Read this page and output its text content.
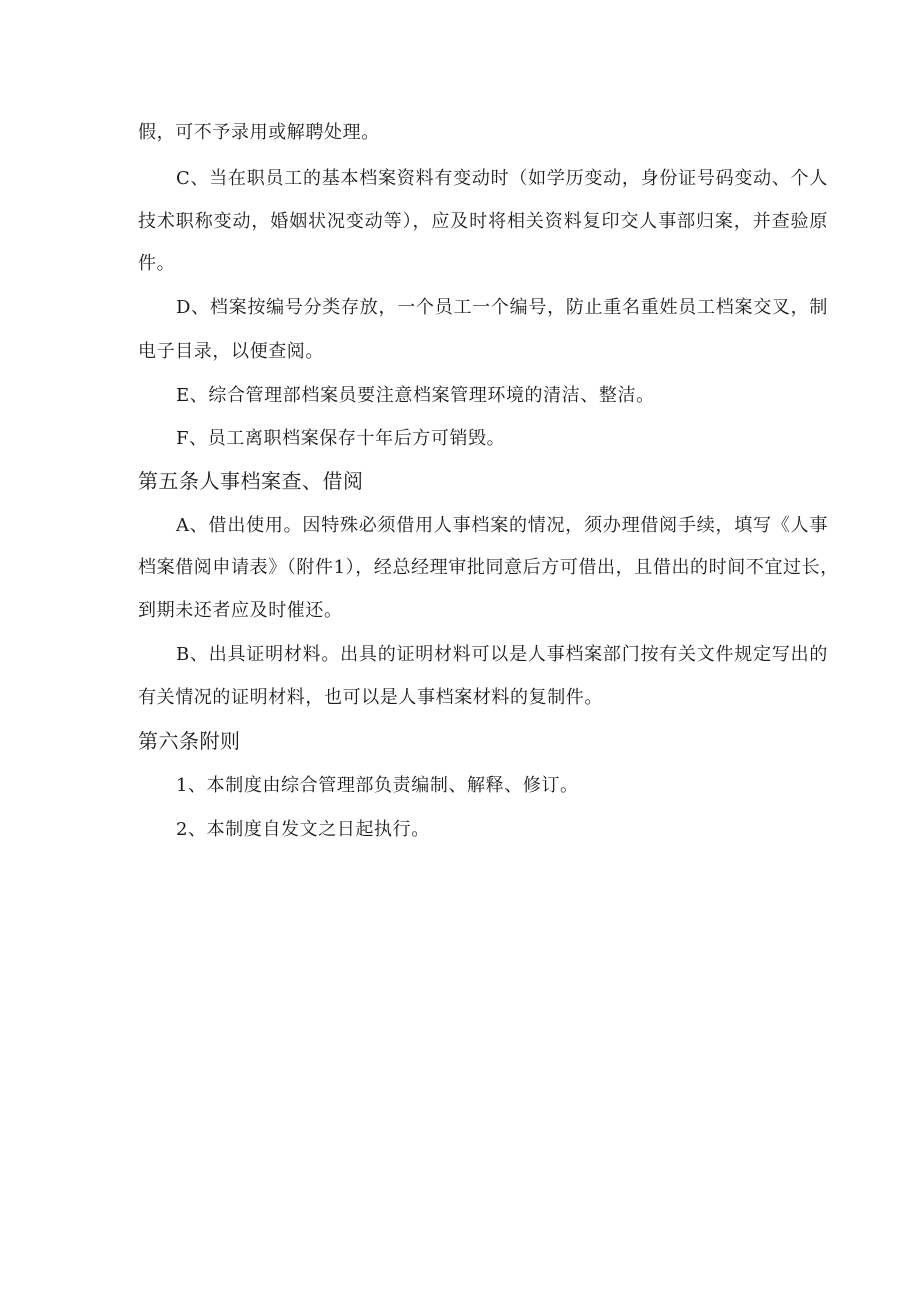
假，可不予录用或解聘处理。
C、当在职员工的基本档案资料有变动时（如学历变动，身份证号码变动、个人
技术职称变动，婚姻状况变动等），应及时将相关资料复印交人事部归案，并查验原
件。
D、档案按编号分类存放，一个员工一个编号，防止重名重姓员工档案交叉，制
电子目录，以便查阅。
E、综合管理部档案员要注意档案管理环境的清洁、整洁。
F、员工离职档案保存十年后方可销毁。
第五条人事档案查、借阅
A、借出使用。因特殊必须借用人事档案的情况，须办理借阅手续，填写《人事
档案借阅申请表》（附件1），经总经理审批同意后方可借出，且借出的时间不宜过长，
到期未还者应及时催还。
B、出具证明材料。出具的证明材料可以是人事档案部门按有关文件规定写出的
有关情况的证明材料，也可以是人事档案材料的复制件。
第六条附则
1、本制度由综合管理部负责编制、解释、修订。
2、本制度自发文之日起执行。
